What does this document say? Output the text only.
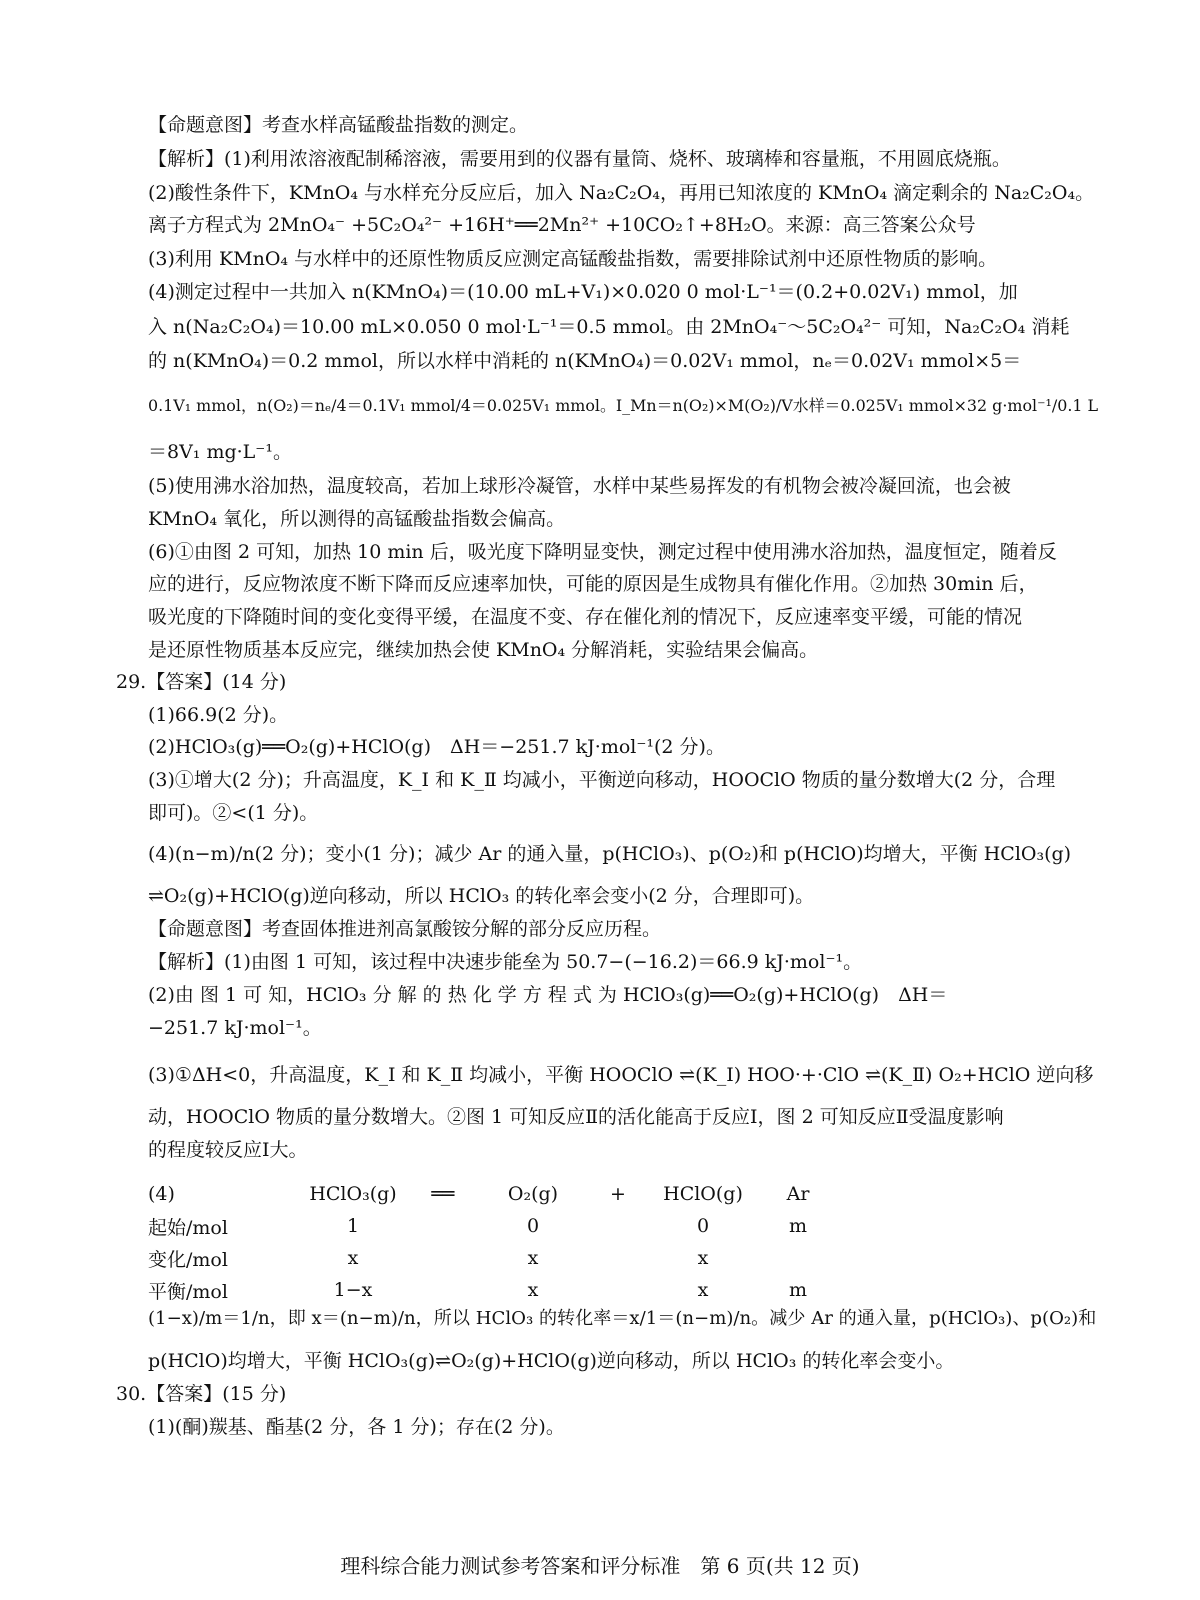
【命题意图】考查水样高锰酸盐指数的测定。
【解析】(1)利用浓溶液配制稀溶液，需要用到的仪器有量筒、烧杯、玻璃棒和容量瓶，不用圆底烧瓶。
(2)酸性条件下，KMnO₄ 与水样充分反应后，加入 Na₂C₂O₄，再用已知浓度的 KMnO₄ 滴定剩余的 Na₂C₂O₄。
离子方程式为 2MnO₄⁻ +5C₂O₄²⁻ +16H⁺══2Mn²⁺ +10CO₂↑+8H₂O。来源：高三答案公众号
(3)利用 KMnO₄ 与水样中的还原性物质反应测定高锰酸盐指数，需要排除试剂中还原性物质的影响。
(4)测定过程中一共加入 n(KMnO₄)＝(10.00 mL+V₁)×0.020 0 mol·L⁻¹＝(0.2+0.02V₁) mmol，加
入 n(Na₂C₂O₄)＝10.00 mL×0.050 0 mol·L⁻¹＝0.5 mmol。由 2MnO₄⁻～5C₂O₄²⁻ 可知，Na₂C₂O₄ 消耗
的 n(KMnO₄)＝0.2 mmol，所以水样中消耗的 n(KMnO₄)＝0.02V₁ mmol，nₑ＝0.02V₁ mmol×5＝
0.1V₁ mmol，n(O₂)＝nₑ/4＝0.1V₁ mmol/4＝0.025V₁ mmol。I_Mn＝n(O₂)×M(O₂)/V水样＝0.025V₁ mmol×32 g·mol⁻¹/0.1 L
＝8V₁ mg·L⁻¹。
(5)使用沸水浴加热，温度较高，若加上球形冷凝管，水样中某些易挥发的有机物会被冷凝回流，也会被
KMnO₄ 氧化，所以测得的高锰酸盐指数会偏高。
(6)①由图 2 可知，加热 10 min 后，吸光度下降明显变快，测定过程中使用沸水浴加热，温度恒定，随着反
应的进行，反应物浓度不断下降而反应速率加快，可能的原因是生成物具有催化作用。②加热 30min 后，
吸光度的下降随时间的变化变得平缓，在温度不变、存在催化剂的情况下，反应速率变平缓，可能的情况
是还原性物质基本反应完，继续加热会使 KMnO₄ 分解消耗，实验结果会偏高。
29.【答案】(14 分)
(1)66.9(2 分)。
(2)HClO₃(g)══O₂(g)+HClO(g)　ΔH＝−251.7 kJ·mol⁻¹(2 分)。
(3)①增大(2 分)；升高温度，K_Ⅰ 和 K_Ⅱ 均减小，平衡逆向移动，HOOClO 物质的量分数增大(2 分，合理
即可)。②<(1 分)。
(4)(n−m)/n(2 分)；变小(1 分)；减少 Ar 的通入量，p(HClO₃)、p(O₂)和 p(HClO)均增大，平衡 HClO₃(g)
⇌O₂(g)+HClO(g)逆向移动，所以 HClO₃ 的转化率会变小(2 分，合理即可)。
【命题意图】考查固体推进剂高氯酸铵分解的部分反应历程。
【解析】(1)由图 1 可知，该过程中决速步能垒为 50.7−(−16.2)＝66.9 kJ·mol⁻¹。
(2)由 图 1 可 知，HClO₃ 分 解 的 热 化 学 方 程 式 为 HClO₃(g)══O₂(g)+HClO(g)　ΔH＝
−251.7 kJ·mol⁻¹。
(3)①ΔH<0，升高温度，K_Ⅰ 和 K_Ⅱ 均减小，平衡 HOOClO ⇌(K_Ⅰ) HOO·+·ClO ⇌(K_Ⅱ) O₂+HClO 逆向移
动，HOOClO 物质的量分数增大。②图 1 可知反应Ⅱ的活化能高于反应Ⅰ，图 2 可知反应Ⅱ受温度影响
的程度较反应Ⅰ大。
(4)	HClO₃(g)	══	O₂(g)	+	HClO(g)	Ar
起始/mol	1		0		0	m
变化/mol	x		x		x	
平衡/mol	1−x		x		x	m
(1−x)/m＝1/n，即 x＝(n−m)/n，所以 HClO₃ 的转化率＝x/1＝(n−m)/n。减少 Ar 的通入量，p(HClO₃)、p(O₂)和
p(HClO)均增大，平衡 HClO₃(g)⇌O₂(g)+HClO(g)逆向移动，所以 HClO₃ 的转化率会变小。
30.【答案】(15 分)
(1)(酮)羰基、酯基(2 分，各 1 分)；存在(2 分)。
理科综合能力测试参考答案和评分标准　第 6 页(共 12 页)
